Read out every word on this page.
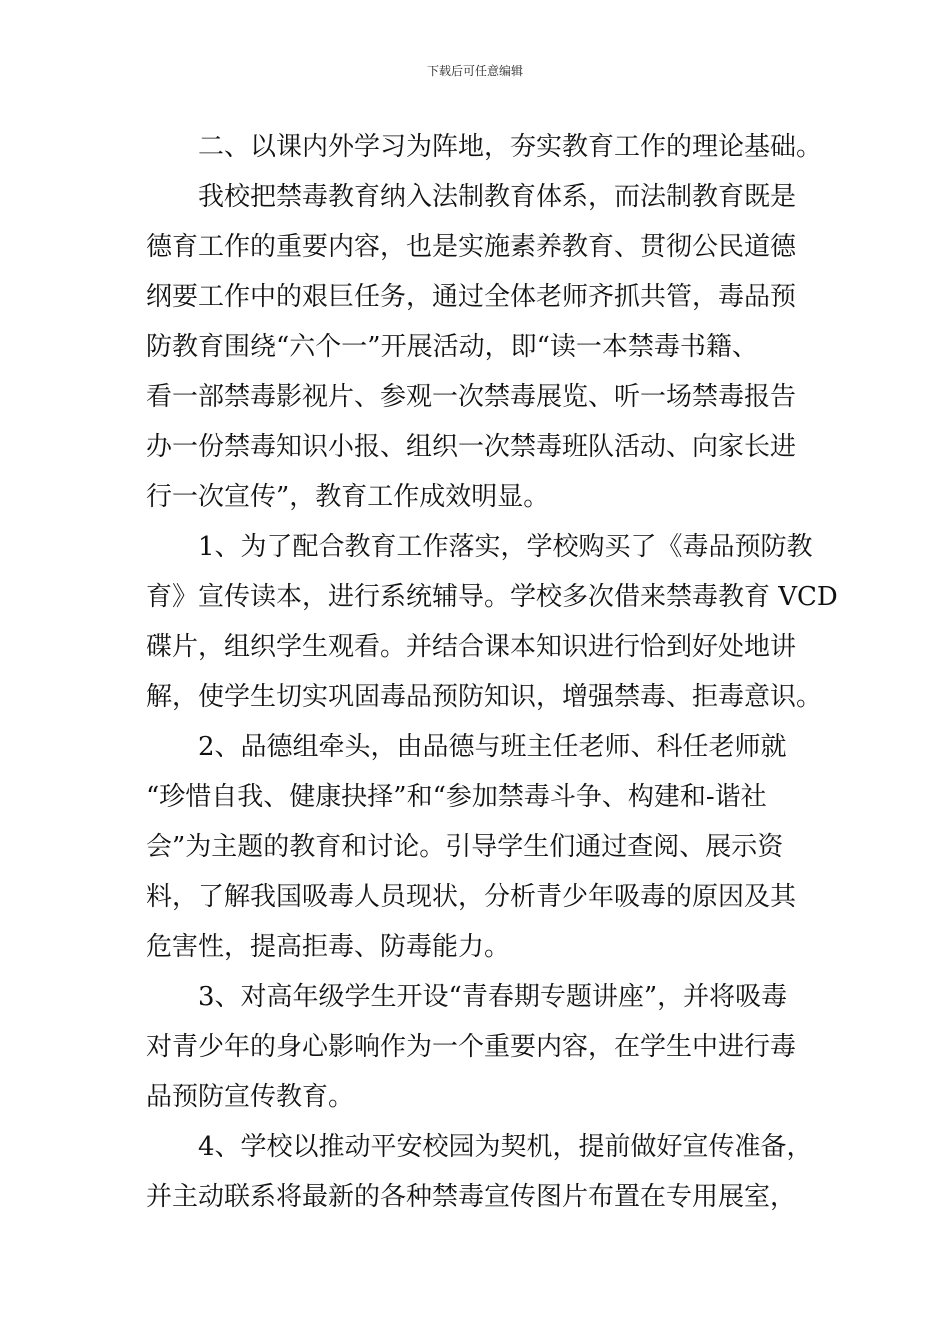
下载后可任意编辑
二、以课内外学习为阵地，夯实教育工作的理论基础。
我校把禁毒教育纳入法制教育体系，而法制教育既是
德育工作的重要内容，也是实施素养教育、贯彻公民道德
纲要工作中的艰巨任务，通过全体老师齐抓共管，毒品预
防教育围绕“六个一”开展活动，即“读一本禁毒书籍、
看一部禁毒影视片、参观一次禁毒展览、听一场禁毒报告
办一份禁毒知识小报、组织一次禁毒班队活动、向家长进
行一次宣传”，教育工作成效明显。
1、为了配合教育工作落实，学校购买了《毒品预防教
育》宣传读本，进行系统辅导。学校多次借来禁毒教育 VCD
碟片，组织学生观看。并结合课本知识进行恰到好处地讲
解，使学生切实巩固毒品预防知识，增强禁毒、拒毒意识。
2、品德组牵头，由品德与班主任老师、科任老师就
“珍惜自我、健康抉择”和“参加禁毒斗争、构建和-谐社
会”为主题的教育和讨论。引导学生们通过查阅、展示资
料，了解我国吸毒人员现状，分析青少年吸毒的原因及其
危害性，提高拒毒、防毒能力。
3、对高年级学生开设“青春期专题讲座”，并将吸毒
对青少年的身心影响作为一个重要内容，在学生中进行毒
品预防宣传教育。
4、学校以推动平安校园为契机，提前做好宣传准备，
并主动联系将最新的各种禁毒宣传图片布置在专用展室，
